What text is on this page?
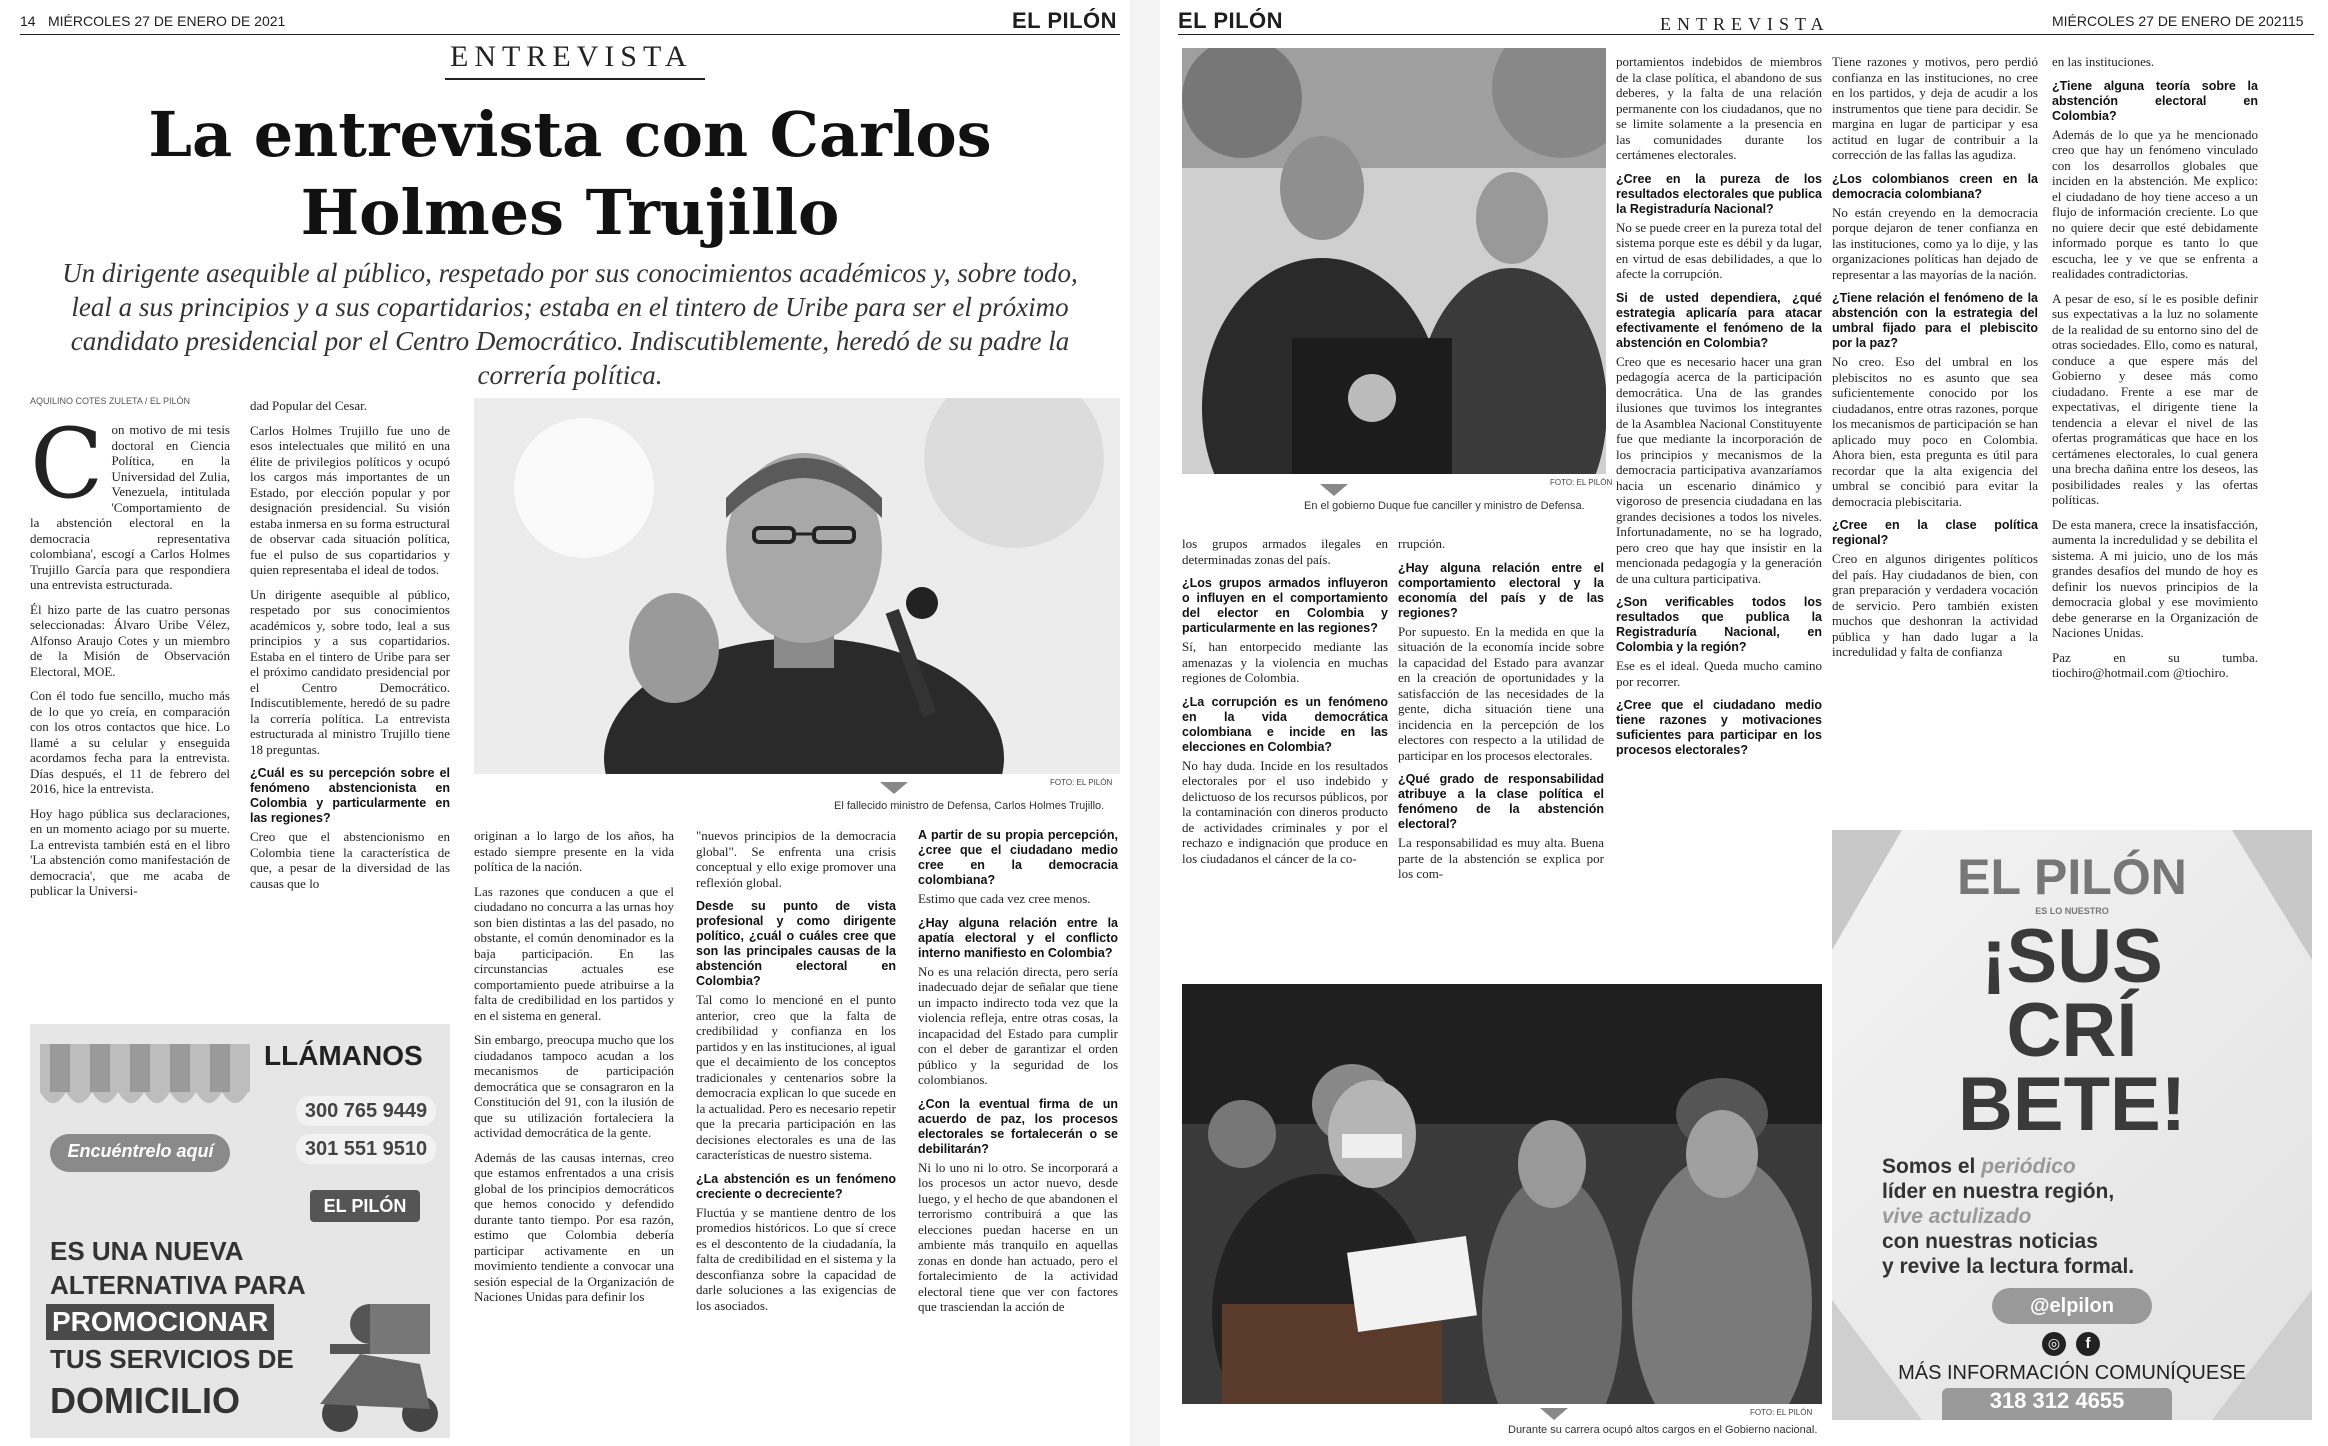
14 MIÉRCOLES 27 DE ENERO DE 2021	EL PILÓN
ENTREVISTA
La entrevista con Carlos Holmes Trujillo
Un dirigente asequible al público, respetado por sus conocimientos académicos y, sobre todo, leal a sus principios y a sus copartidarios; estaba en el tintero de Uribe para ser el próximo candidato presidencial por el Centro Democrático. Indiscutiblemente, heredó de su padre la correría política.
AQUILINO COTES ZULETA / EL PILÓN
C on motivo de mi tesis doctoral en Ciencia Política, en la Universidad del Zulia, Venezuela, intitulada 'Comportamiento de la abstención electoral en la democracia representativa colombiana', escogí a Carlos Holmes Trujillo García para que respondiera una entrevista estructurada.

Él hizo parte de las cuatro personas seleccionadas: Álvaro Uribe Vélez, Alfonso Araujo Cotes y un miembro de la Misión de Observación Electoral, MOE.

Con él todo fue sencillo, mucho más de lo que yo creía, en comparación con los otros contactos que hice. Lo llamé a su celular y enseguida acordamos fecha para la entrevista. Días después, el 11 de febrero del 2016, hice la entrevista.

Hoy hago pública sus declaraciones, en un momento aciago por su muerte. La entrevista también está en el libro 'La abstención como manifestación de democracia', que me acaba de publicar la Universi-

dad Popular del Cesar.

Carlos Holmes Trujillo fue uno de esos intelectuales que militó en una élite de privilegios políticos y ocupó los cargos más importantes de un Estado, por elección popular y por designación presidencial. Su visión estaba inmersa en su forma estructural de observar cada situación política, fue el pulso de sus copartidarios y quien representaba el ideal de todos.

Un dirigente asequible al público, respetado por sus conocimientos académicos y, sobre todo, leal a sus principios y a sus copartidarios. Estaba en el tintero de Uribe para ser el próximo candidato presidencial por el Centro Democrático. Indiscutiblemente, heredó de su padre la correría política. La entrevista estructurada al ministro Trujillo tiene 18 preguntas.

¿Cuál es su percepción sobre el fenómeno abstencionista en Colombia y particularmente en las regiones?

Creo que el abstencionismo en Colombia tiene la característica de que, a pesar de la diversidad de las causas que lo

FOTO: EL PILÓN
El fallecido ministro de Defensa, Carlos Holmes Trujillo.

originan a lo largo de los años, ha estado siempre presente en la vida política de la nación.

Las razones que conducen a que el ciudadano no concurra a las urnas hoy son bien distintas a las del pasado, no obstante, el común denominador es la baja participación. En las circunstancias actuales ese comportamiento puede atribuirse a la falta de credibilidad en los partidos y en el sistema en general.

Sin embargo, preocupa mucho que los ciudadanos tampoco acudan a los mecanismos de participación democrática que se consagraron en la Constitución del 91, con la ilusión de que su utilización fortaleciera la actividad democrática de la gente.

Además de las causas internas, creo que estamos enfrentados a una crisis global de los principios democráticos que hemos conocido y defendido durante tanto tiempo. Por esa razón, estimo que Colombia debería participar activamente en un movimiento tendiente a convocar una sesión especial de la Organización de Naciones Unidas para definir los

"nuevos principios de la democracia global". Se enfrenta una crisis conceptual y ello exige promover una reflexión global.

Desde su punto de vista profesional y como dirigente político, ¿cuál o cuáles cree que son las principales causas de la abstención electoral en Colombia?

Tal como lo mencioné en el punto anterior, creo que la falta de credibilidad y confianza en los partidos y en las instituciones, al igual que el decaimiento de los conceptos tradicionales y centenarios sobre la democracia explican lo que sucede en la actualidad. Pero es necesario repetir que la precaria participación en las decisiones electorales es una de las características de nuestro sistema.

¿La abstención es un fenómeno creciente o decreciente?

Fluctúa y se mantiene dentro de los promedios históricos. Lo que sí crece es el descontento de la ciudadanía, la falta de credibilidad en el sistema y la desconfianza sobre la capacidad de darle soluciones a las exigencias de los asociados.

A partir de su propia percepción, ¿cree que el ciudadano medio cree en la democracia colombiana?

Estimo que cada vez cree menos.

¿Hay alguna relación entre la apatía electoral y el conflicto interno manifiesto en Colombia?

No es una relación directa, pero sería inadecuado dejar de señalar que tiene un impacto indirecto toda vez que la violencia refleja, entre otras cosas, la incapacidad del Estado para cumplir con el deber de garantizar el orden público y la seguridad de los colombianos.

¿Con la eventual firma de un acuerdo de paz, los procesos electorales se fortalecerán o se debilitarán?

Ni lo uno ni lo otro. Se incorporará a los procesos un actor nuevo, desde luego, y el hecho de que abandonen el terrorismo contribuirá a que las elecciones puedan hacerse en un ambiente más tranquilo en aquellas zonas en donde han actuado, pero el fortalecimiento de la actividad electoral tiene que ver con factores que trasciendan la acción de

Encuéntrelo aquí
LLÁMANOS
300 765 9449
301 551 9510
EL PILÓN
ES UNA NUEVA
ALTERNATIVA PARA
PROMOCIONAR
TUS SERVICIOS DE
DOMICILIO
EL PILÓN	ENTREVISTA	MIÉRCOLES 27 DE ENERO DE 2021
15
FOTO: EL PILÓN
En el gobierno Duque fue canciller y ministro de Defensa.

los grupos armados ilegales en determinadas zonas del país.

¿Los grupos armados influyeron o influyen en el comportamiento del elector en Colombia y particularmente en las regiones?

Sí, han entorpecido mediante las amenazas y la violencia en muchas regiones de Colombia.

¿La corrupción es un fenómeno en la vida democrática colombiana e incide en las elecciones en Colombia?

No hay duda. Incide en los resultados electorales por el uso indebido y delictuoso de los recursos públicos, por la contaminación con dineros producto de actividades criminales y por el rechazo e indignación que produce en los ciudadanos el cáncer de la co-

rrupción.

¿Hay alguna relación entre el comportamiento electoral y la economía del país y de las regiones?

Por supuesto. En la medida en que la situación de la economía incide sobre la capacidad del Estado para avanzar en la creación de oportunidades y la satisfacción de las necesidades de la gente, dicha situación tiene una incidencia en la percepción de los electores con respecto a la utilidad de participar en los procesos electorales.

¿Qué grado de responsabilidad atribuye a la clase política el fenómeno de la abstención electoral?

La responsabilidad es muy alta. Buena parte de la abstención se explica por los com-

portamientos indebidos de miembros de la clase política, el abandono de sus deberes, y la falta de una relación permanente con los ciudadanos, que no se limite solamente a la presencia en las comunidades durante los certámenes electorales.

¿Cree en la pureza de los resultados electorales que publica la Registraduría Nacional?

No se puede creer en la pureza total del sistema porque este es débil y da lugar, en virtud de esas debilidades, a que lo afecte la corrupción.

Si de usted dependiera, ¿qué estrategia aplicaría para atacar efectivamente el fenómeno de la abstención en Colombia?

Creo que es necesario hacer una gran pedagogía acerca de la participación democrática. Una de las grandes ilusiones que tuvimos los integrantes de la Asamblea Nacional Constituyente fue que mediante la incorporación de los principios y mecanismos de la democracia participativa avanzaríamos hacia un escenario dinámico y vigoroso de presencia ciudadana en las grandes decisiones a todos los niveles. Infortunadamente, no se ha logrado, pero creo que hay que insistir en la mencionada pedagogía y la generación de una cultura participativa.

¿Son verificables todos los resultados que publica la Registraduría Nacional, en Colombia y la región?

Ese es el ideal. Queda mucho camino por recorrer.

¿Cree que el ciudadano medio tiene razones y motivaciones suficientes para participar en los procesos electorales?
FOTO: EL PILÓN
Durante su carrera ocupó altos cargos en el Gobierno nacional.

Tiene razones y motivos, pero perdió confianza en las instituciones, no cree en los partidos, y deja de acudir a los instrumentos que tiene para decidir. Se margina en lugar de participar y esa actitud en lugar de contribuir a la corrección de las fallas las agudiza.

¿Los colombianos creen en la democracia colombiana?

No están creyendo en la democracia porque dejaron de tener confianza en las instituciones, como ya lo dije, y las organizaciones políticas han dejado de representar a las mayorías de la nación.

¿Tiene relación el fenómeno de la abstención con la estrategia del umbral fijado para el plebiscito por la paz?

No creo. Eso del umbral en los plebiscitos no es asunto que sea suficientemente conocido por los ciudadanos, entre otras razones, porque los mecanismos de participación se han aplicado muy poco en Colombia. Ahora bien, esta pregunta es útil para recordar que la alta exigencia del umbral se concibió para evitar la democracia plebiscitaria.

¿Cree en la clase política regional?

Creo en algunos dirigentes políticos del país. Hay ciudadanos de bien, con gran preparación y verdadera vocación de servicio. Pero también existen muchos que deshonran la actividad pública y han dado lugar a la incredulidad y falta de confianza

en las instituciones.

¿Tiene alguna teoría sobre la abstención electoral en Colombia?

Además de lo que ya he mencionado creo que hay un fenómeno vinculado con los desarrollos globales que inciden en la abstención. Me explico: el ciudadano de hoy tiene acceso a un flujo de información creciente. Lo que no quiere decir que esté debidamente informado porque es tanto lo que escucha, lee y ve que se enfrenta a realidades contradictorias.

A pesar de eso, sí le es posible definir sus expectativas a la luz no solamente de la realidad de su entorno sino del de otras sociedades. Ello, como es natural, conduce a que espere más del Gobierno y desee más como ciudadano. Frente a ese mar de expectativas, el dirigente tiene la tendencia a elevar el nivel de las ofertas programáticas que hace en los certámenes electorales, lo cual genera una brecha dañina entre los deseos, las posibilidades reales y las ofertas políticas.

De esta manera, crece la insatisfacción, aumenta la incredulidad y se debilita el sistema. A mi juicio, uno de los más grandes desafíos del mundo de hoy es definir los nuevos principios de la democracia global y ese movimiento debe generarse en la Organización de Naciones Unidas.

Paz en su tumba. tiochiro@hotmail.com @tiochiro.

EL PILÓN
ES LO NUESTRO
¡SUS
CRÍ
BETE!
Somos el periódico
líder en nuestra región,
vive actulizado
con nuestras noticias
y revive la lectura formal.
@elpilon
◎	f
MÁS INFORMACIÓN COMUNÍQUESE
318 312 4655
